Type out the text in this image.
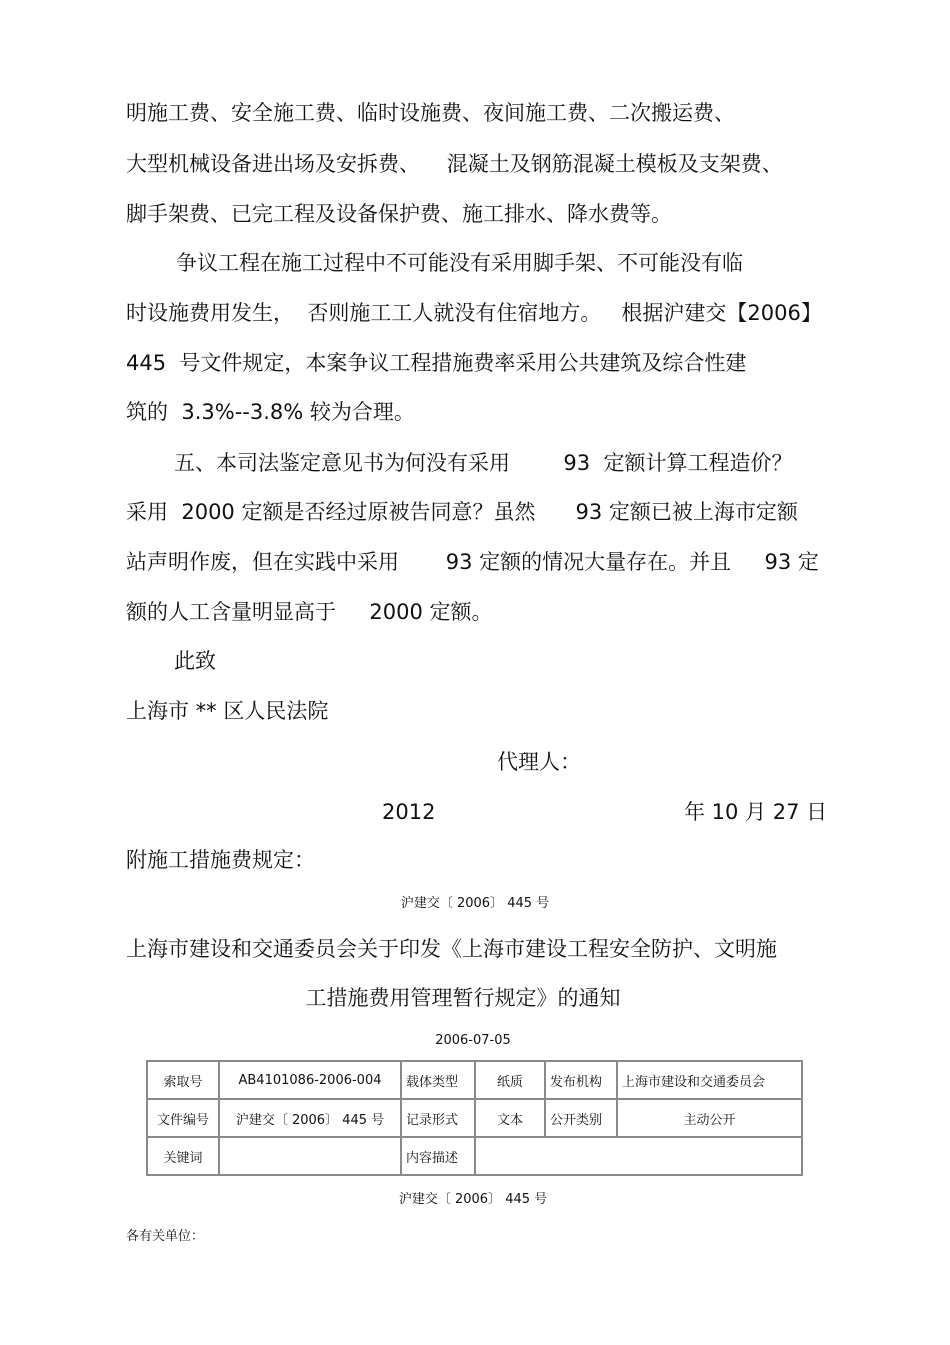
明施工费、安全施工费、临时设施费、夜间施工费、二次搬运费、
大型机械设备进出场及安拆费、    混凝土及钢筋混凝土模板及支架费、
脚手架费、已完工程及设备保护费、施工排水、降水费等。
争议工程在施工过程中不可能没有采用脚手架、不可能没有临
时设施费用发生，  否则施工工人就没有住宿地方。   根据沪建交【2006】
445  号文件规定，本案争议工程措施费率采用公共建筑及综合性建
筑的  3.3%--3.8% 较为合理。
五、本司法鉴定意见书为何没有采用        93  定额计算工程造价？
采用  2000 定额是否经过原被告同意？虽然      93 定额已被上海市定额
站声明作废，但在实践中采用       93 定额的情况大量存在。并且     93 定
额的人工含量明显高于     2000 定额。
此致
上海市 ** 区人民法院
代理人：
2012	年 10 月 27 日
附施工措施费规定：
沪建交〔 2006〕 445 号
上海市建设和交通委员会关于印发《上海市建设工程安全防护、文明施
工措施费用管理暂行规定》的通知
2006-07-05
索取号	AB4101086-2006-004	载体类型	纸质	发布机构	上海市建设和交通委员会
文件编号	沪建交〔 2006〕 445 号	记录形式	文本	公开类别	主动公开
关键词		内容描述			
沪建交〔 2006〕 445 号
各有关单位：
